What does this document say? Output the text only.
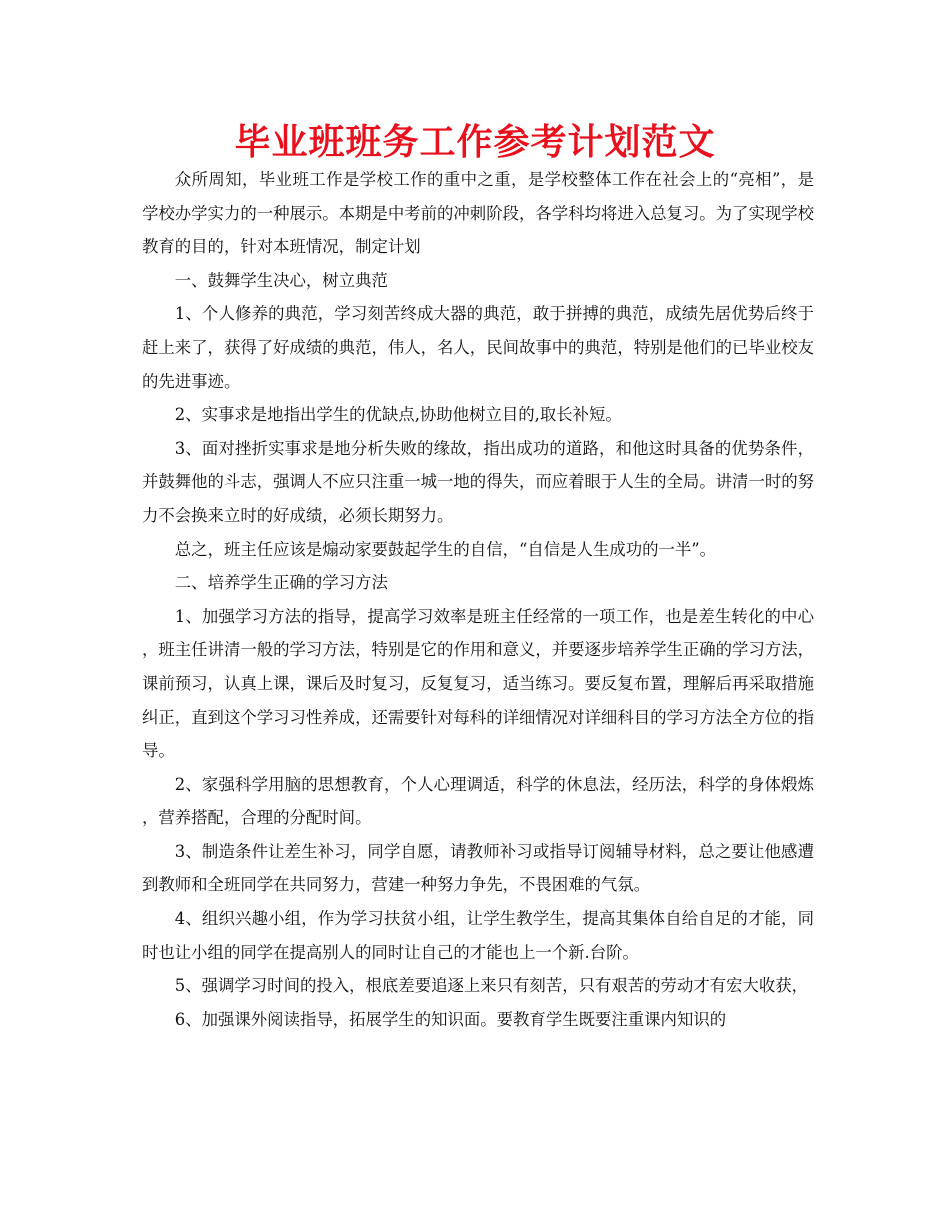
毕业班班务工作参考计划范文

众所周知，毕业班工作是学校工作的重中之重，是学校整体工作在社会上的“亮相”，是学校办学实力的一种展示。本期是中考前的冲刺阶段，各学科均将进入总复习。为了实现学校教育的目的，针对本班情况，制定计划

一、鼓舞学生决心，树立典范

1、个人修养的典范，学习刻苦终成大器的典范，敢于拼搏的典范，成绩先居优势后终于赶上来了，获得了好成绩的典范，伟人，名人，民间故事中的典范，特别是他们的已毕业校友的先进事迹。

2、实事求是地指出学生的优缺点,协助他树立目的,取长补短。

3、面对挫折实事求是地分析失败的缘故，指出成功的道路，和他这时具备的优势条件，并鼓舞他的斗志，强调人不应只注重一城一地的得失，而应着眼于人生的全局。讲清一时的努力不会换来立时的好成绩，必须长期努力。

总之，班主任应该是煽动家要鼓起学生的自信，“自信是人生成功的一半”。

二、培养学生正确的学习方法

1、加强学习方法的指导，提高学习效率是班主任经常的一项工作，也是差生转化的中心，班主任讲清一般的学习方法，特别是它的作用和意义，并要逐步培养学生正确的学习方法，课前预习，认真上课，课后及时复习，反复复习，适当练习。要反复布置，理解后再采取措施纠正，直到这个学习习性养成，还需要针对每科的详细情况对详细科目的学习方法全方位的指导。

2、家强科学用脑的思想教育，个人心理调适，科学的休息法，经历法，科学的身体煅炼，营养搭配，合理的分配时间。

3、制造条件让差生补习，同学自愿，请教师补习或指导订阅辅导材料，总之要让他感遭到教师和全班同学在共同努力，营建一种努力争先，不畏困难的气氛。

4、组织兴趣小组，作为学习扶贫小组，让学生教学生，提高其集体自给自足的才能，同时也让小组的同学在提高别人的同时让自己的才能也上一个新.台阶。

5、强调学习时间的投入，根底差要追逐上来只有刻苦，只有艰苦的劳动才有宏大收获，

6、加强课外阅读指导，拓展学生的知识面。要教育学生既要注重课内知识的
